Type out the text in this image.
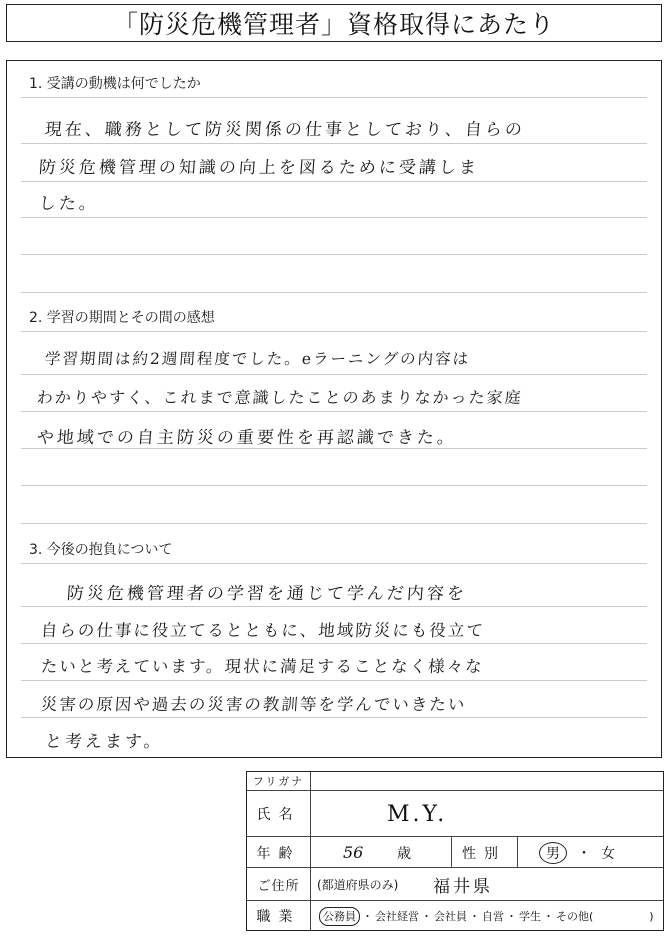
「防災危機管理者」資格取得にあたり
1. 受講の動機は何でしたか
現在、職務として防災関係の仕事としており、自らの
防災危機管理の知識の向上を図るために受講しま
した。
2. 学習の期間とその間の感想
学習期間は約2週間程度でした。eラーニングの内容は
わかりやすく、これまで意識したことのあまりなかった家庭
や地域での自主防災の重要性を再認識できた。
3. 今後の抱負について
防災危機管理者の学習を通じて学んだ内容を
自らの仕事に役立てるとともに、地域防災にも役立て
たいと考えています。現状に満足することなく様々な
災害の原因や過去の災害の教訓等を学んでいきたい
と考えます。
フリガナ
氏名	M.Y.
年齢	56 歳	性別	男 ・ 女
ご住所	(都道府県のみ) 福井県
職業	公務員 ・ 会社経営 ・ 会社員 ・ 自営 ・ 学生 ・ その他(	)
